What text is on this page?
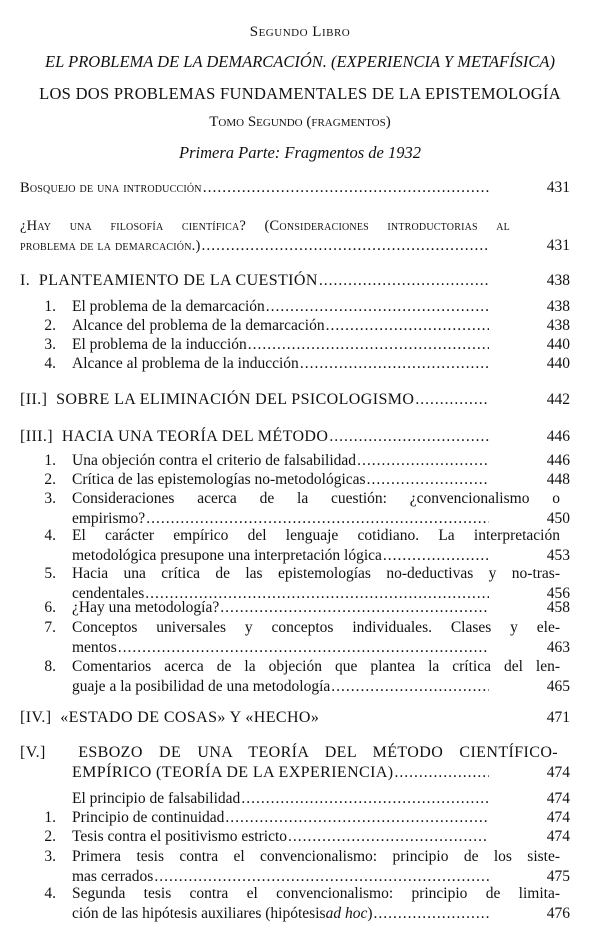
Segundo Libro
EL PROBLEMA DE LA DEMARCACIÓN. (EXPERIENCIA Y METAFÍSICA)
LOS DOS PROBLEMAS FUNDAMENTALES DE LA EPISTEMOLOGÍA
Tomo Segundo (fragmentos)
Primera Parte: Fragmentos de 1932
Bosquejo de una introducción .....	431
¿Hay una filosofía científica? (Consideraciones introductorias al
problema de la demarcación.) .....	431
I.  PLANTEAMIENTO DE LA CUESTIÓN .....	438
1. El problema de la demarcación .....	438
2. Alcance del problema de la demarcación .....	438
3. El problema de la inducción .....	440
4. Alcance al problema de la inducción .....	440
[II.]  SOBRE LA ELIMINACIÓN DEL PSICOLOGISMO .....	442
[III.]  HACIA UNA TEORÍA DEL MÉTODO .....	446
1. Una objeción contra el criterio de falsabilidad .....	446
2. Crítica de las epistemologías no-metodológicas .....	448
3. Consideraciones acerca de la cuestión: ¿convencionalismo o
empirismo? .....	450
4. El carácter empírico del lenguaje cotidiano. La interpretación
metodológica presupone una interpretación lógica .....	453
5. Hacia una crítica de las epistemologías no-deductivas y no-tras-
cendentales .....	456
6. ¿Hay una metodología? .....	458
7. Conceptos universales y conceptos individuales. Clases y ele-
mentos .....	463
8. Comentarios acerca de la objeción que plantea la crítica del len-
guaje a la posibilidad de una metodología .....	465
[IV.]  «ESTADO DE COSAS» Y «HECHO»	471
[V.]  ESBOZO DE UNA TEORÍA DEL MÉTODO CIENTÍFICO-
EMPÍRICO (TEORÍA DE LA EXPERIENCIA) .....	474
El principio de falsabilidad .....	474
1. Principio de continuidad .....	474
2. Tesis contra el positivismo estricto .....	474
3. Primera tesis contra el convencionalismo: principio de los siste-
mas cerrados .....	475
4. Segunda tesis contra el convencionalismo: principio de limita-
ción de las hipótesis auxiliares (hipótesis ad hoc ) .....	476
